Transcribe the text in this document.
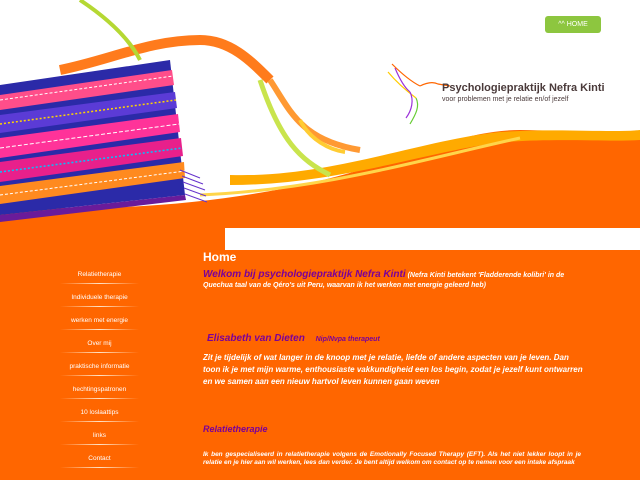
^^ HOME
Psychologiepraktijk Nefra Kinti
voor problemen met je relatie en/of jezelf
Relatietherapie
Individuele therapie
werken met energie
Over mij
praktische informatie
hechtingspatronen
10 loslaattips
links
Contact
Home
Welkom bij psychologiepraktijk Nefra Kinti (Nefra Kinti betekent 'Fladderende kolibri' in de Quechua taal van de Qéro's uit Peru, waarvan ik het werken met energie geleerd heb)
Elisabeth van Dieten Nip/Nvpa therapeut
Zit je tijdelijk of wat langer in de knoop met je relatie, liefde of andere aspecten van je leven. Dan toon ik je met mijn warme, enthousiaste vakkundigheid een los begin, zodat je jezelf kunt ontwarren en we samen aan een nieuw hartvol leven kunnen gaan weven
Relatietherapie
Ik ben gespecialiseerd in relatietherapie volgens de Emotionally Focused Therapy (EFT). Als het niet lekker loopt in je relatie en je hier aan wil werken, lees dan verder. Je bent altijd welkom om contact op te nemen voor een intake afspraak
